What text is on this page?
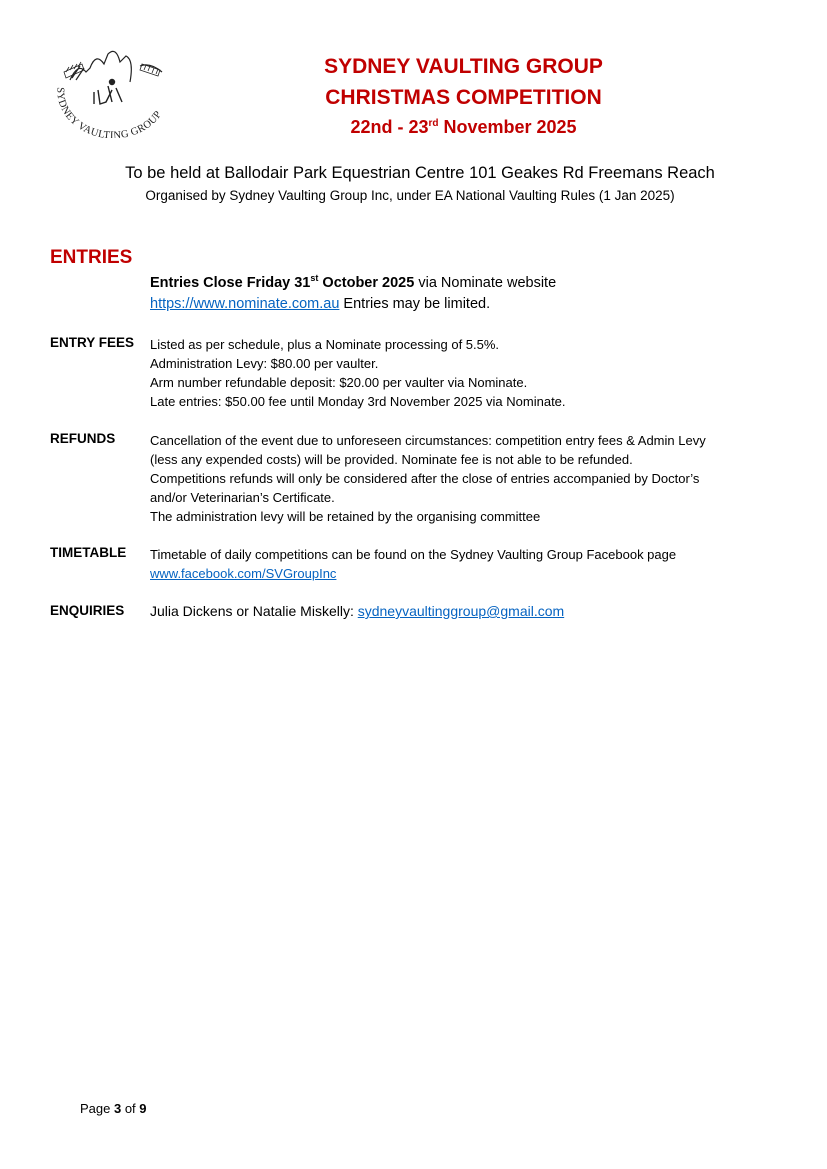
SYDNEY VAULTING GROUP
SYDNEY VAULTING GROUP
CHRISTMAS COMPETITION
22nd - 23rd November 2025
To be held at Ballodair Park Equestrian Centre 101 Geakes Rd Freemans Reach
Organised by Sydney Vaulting Group Inc, under EA National Vaulting Rules (1 Jan 2025)
ENTRIES
Entries Close Friday 31st October 2025 via Nominate website
https://www.nominate.com.au Entries may be limited.
ENTRY FEES Listed as per schedule, plus a Nominate processing of 5.5%.
Administration Levy: $80.00 per vaulter.
Arm number refundable deposit: $20.00 per vaulter via Nominate.
Late entries: $50.00 fee until Monday 3rd November 2025 via Nominate.
REFUNDS	Cancellation of the event due to unforeseen circumstances: competition entry fees & Admin Levy
(less any expended costs) will be provided. Nominate fee is not able to be refunded.
Competitions refunds will only be considered after the close of entries accompanied by Doctor’s
and/or Veterinarian’s Certificate.
The administration levy will be retained by the organising committee
TIMETABLE Timetable of daily competitions can be found on the Sydney Vaulting Group Facebook page
www.facebook.com/SVGroupInc
ENQUIRIES Julia Dickens or Natalie Miskelly: sydneyvaultinggroup@gmail.com
Page 3 of 9
